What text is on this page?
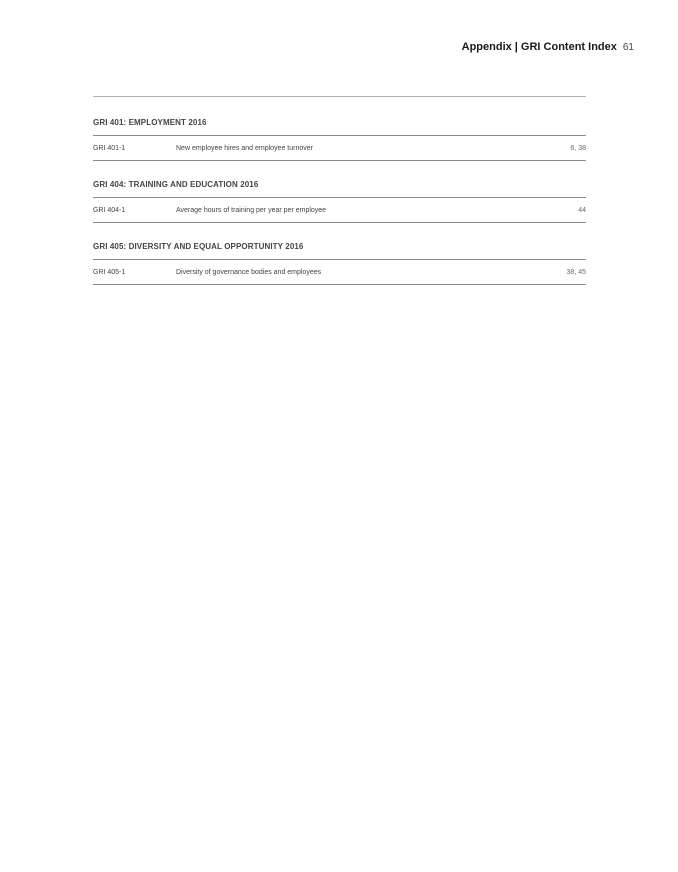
Appendix | GRI Content Index 61
GRI 401: EMPLOYMENT 2016
GRI 401-1	New employee hires and employee turnover	6, 38
GRI 404: TRAINING AND EDUCATION 2016
GRI 404-1	Average hours of training per year per employee	44
GRI 405: DIVERSITY AND EQUAL OPPORTUNITY 2016
GRI 405-1	Diversity of governance bodies and employees	38, 45
